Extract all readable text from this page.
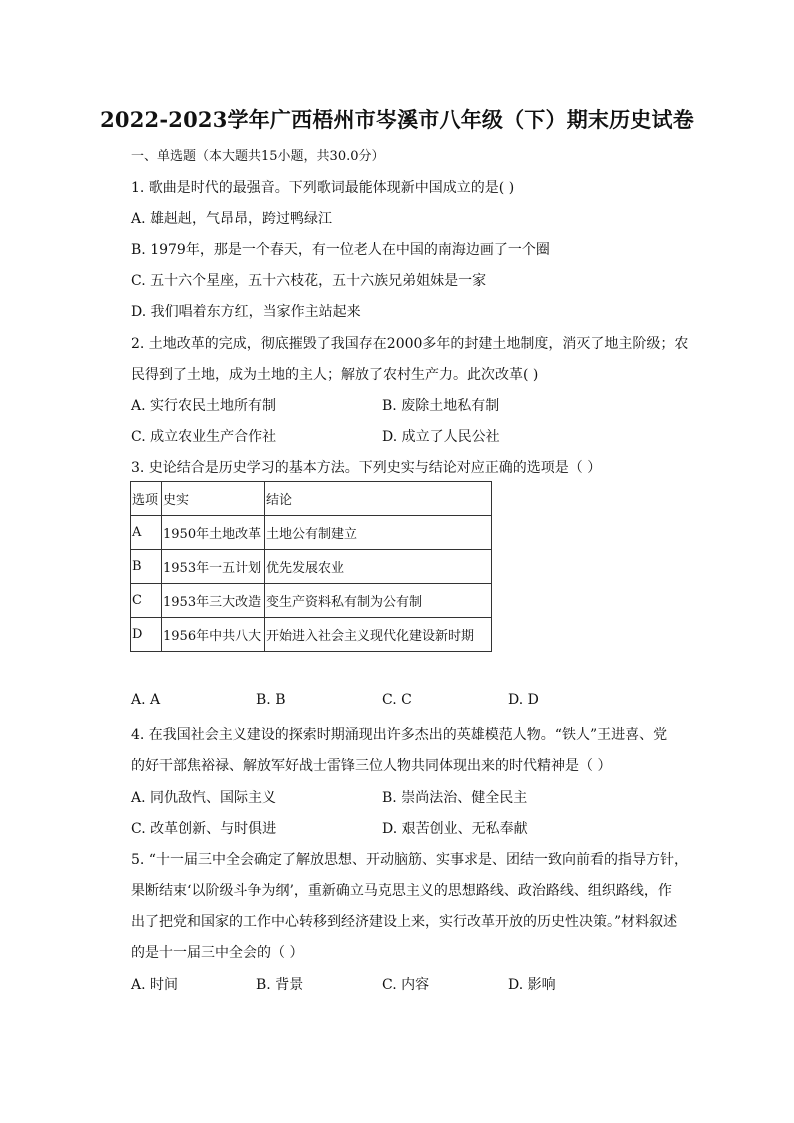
2022-2023学年广西梧州市岑溪市八年级（下）期末历史试卷
一、单选题（本大题共15小题，共30.0分）
1. 歌曲是时代的最强音。下列歌词最能体现新中国成立的是( )
A. 雄赳赳，气昂昂，跨过鸭绿江
B. 1979年，那是一个春天，有一位老人在中国的南海边画了一个圈
C. 五十六个星座，五十六枝花，五十六族兄弟姐妹是一家
D. 我们唱着东方红，当家作主站起来
2. 土地改革的完成，彻底摧毁了我国存在2000多年的封建土地制度，消灭了地主阶级；农
民得到了土地，成为土地的主人；解放了农村生产力。此次改革( )
A. 实行农民土地所有制	B. 废除土地私有制
C. 成立农业生产合作社	D. 成立了人民公社
3. 史论结合是历史学习的基本方法。下列史实与结论对应正确的选项是（ ）
选项	史实	结论
A	1950年土地改革	土地公有制建立
B	1953年一五计划	优先发展农业
C	1953年三大改造	变生产资料私有制为公有制
D	1956年中共八大	开始进入社会主义现代化建设新时期
A. A	B. B	C. C	D. D
4. 在我国社会主义建设的探索时期涌现出许多杰出的英雄模范人物。“铁人”王进喜、党
的好干部焦裕禄、解放军好战士雷锋三位人物共同体现出来的时代精神是（ ）
A. 同仇敌忾、国际主义	B. 崇尚法治、健全民主
C. 改革创新、与时俱进	D. 艰苦创业、无私奉献
5. “十一届三中全会确定了解放思想、开动脑筋、实事求是、团结一致向前看的指导方针，
果断结束‘以阶级斗争为纲’，重新确立马克思主义的思想路线、政治路线、组织路线，作
出了把党和国家的工作中心转移到经济建设上来，实行改革开放的历史性决策。”材料叙述
的是十一届三中全会的（ ）
A. 时间	B. 背景	C. 内容	D. 影响
